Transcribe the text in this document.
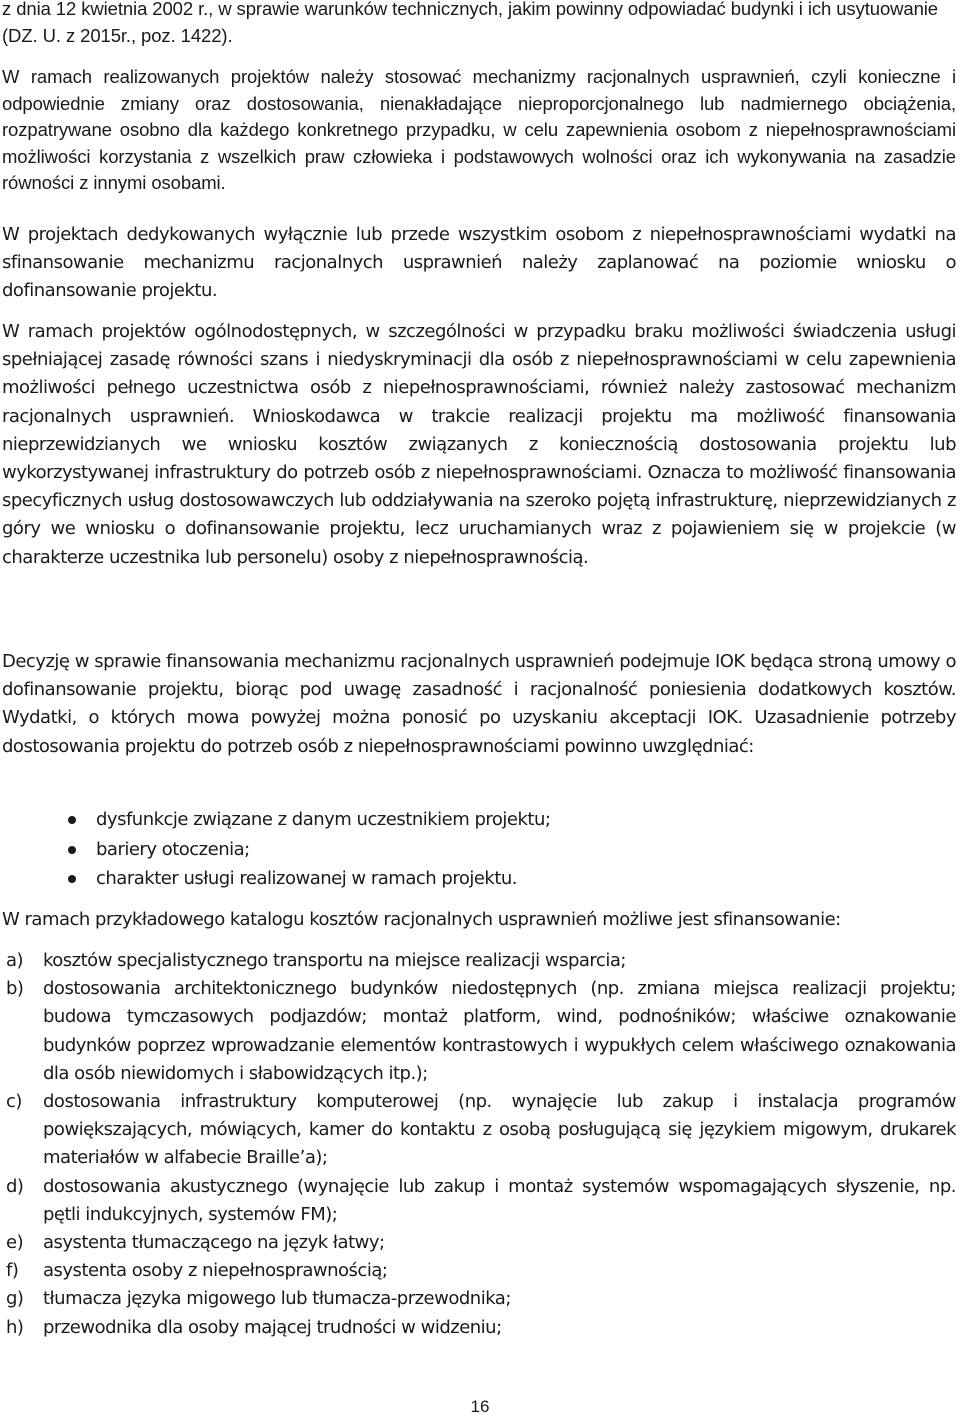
z dnia 12 kwietnia 2002 r., w sprawie warunków technicznych, jakim powinny odpowiadać budynki i ich usytuowanie (DZ. U. z 2015r., poz. 1422).

W ramach realizowanych projektów należy stosować mechanizmy racjonalnych usprawnień, czyli konieczne i odpowiednie zmiany oraz dostosowania, nienakładające nieproporcjonalnego lub nadmiernego obciążenia, rozpatrywane osobno dla każdego konkretnego przypadku, w celu zapewnienia osobom z niepełnosprawnościami możliwości korzystania z wszelkich praw człowieka i podstawowych wolności oraz ich wykonywania na zasadzie równości z innymi osobami.

W projektach dedykowanych wyłącznie lub przede wszystkim osobom z niepełnosprawnościami wydatki na sfinansowanie mechanizmu racjonalnych usprawnień należy zaplanować na poziomie wniosku o dofinansowanie projektu.

W ramach projektów ogólnodostępnych, w szczególności w przypadku braku możliwości świadczenia usługi spełniającej zasadę równości szans i niedyskryminacji dla osób z niepełnosprawnościami w celu zapewnienia możliwości pełnego uczestnictwa osób z niepełnosprawnościami, również należy zastosować mechanizm racjonalnych usprawnień. Wnioskodawca w trakcie realizacji projektu ma możliwość finansowania nieprzewidzianych we wniosku kosztów związanych z koniecznością dostosowania projektu lub wykorzystywanej infrastruktury do potrzeb osób z niepełnosprawnościami. Oznacza to możliwość finansowania specyficznych usług dostosowawczych lub oddziaływania na szeroko pojętą infrastrukturę, nieprzewidzianych z góry we wniosku o dofinansowanie projektu, lecz uruchamianych wraz z pojawieniem się w projekcie (w charakterze uczestnika lub personelu) osoby z niepełnosprawnością.

Decyzję w sprawie finansowania mechanizmu racjonalnych usprawnień podejmuje IOK będąca stroną umowy o dofinansowanie projektu, biorąc pod uwagę zasadność i racjonalność poniesienia dodatkowych kosztów. Wydatki, o których mowa powyżej można ponosić po uzyskaniu akceptacji IOK. Uzasadnienie potrzeby dostosowania projektu do potrzeb osób z niepełnosprawnościami powinno uwzględniać:

dysfunkcje związane z danym uczestnikiem projektu;
bariery otoczenia;
charakter usługi realizowanej w ramach projektu.

W ramach przykładowego katalogu kosztów racjonalnych usprawnień możliwe jest sfinansowanie:

a) kosztów specjalistycznego transportu na miejsce realizacji wsparcia;
b) dostosowania architektonicznego budynków niedostępnych (np. zmiana miejsca realizacji projektu; budowa tymczasowych podjazdów; montaż platform, wind, podnośników; właściwe oznakowanie budynków poprzez wprowadzanie elementów kontrastowych i wypukłych celem właściwego oznakowania dla osób niewidomych i słabowidzących itp.);
c) dostosowania infrastruktury komputerowej (np. wynajęcie lub zakup i instalacja programów powiększających, mówiących, kamer do kontaktu z osobą posługującą się językiem migowym, drukarek materiałów w alfabecie Braille’a);
d) dostosowania akustycznego (wynajęcie lub zakup i montaż systemów wspomagających słyszenie, np. pętli indukcyjnych, systemów FM);
e) asystenta tłumaczącego na język łatwy;
f) asystenta osoby z niepełnosprawnością;
g) tłumacza języka migowego lub tłumacza-przewodnika;
h) przewodnika dla osoby mającej trudności w widzeniu;
16
